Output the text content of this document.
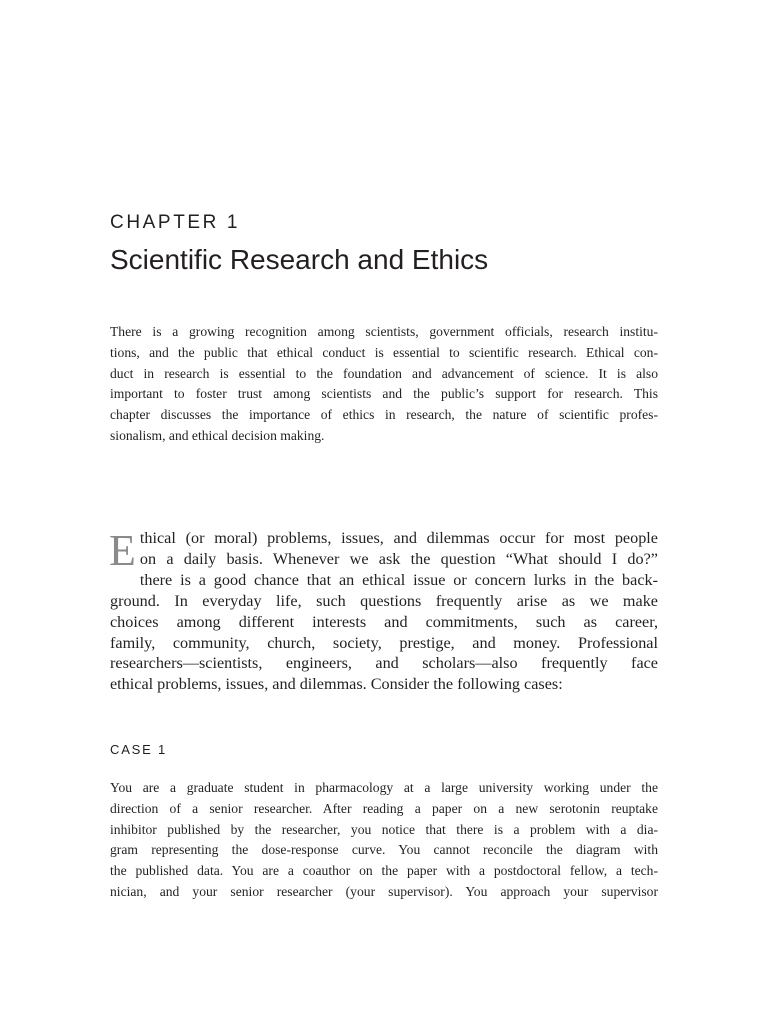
CHAPTER 1
Scientific Research and Ethics
There is a growing recognition among scientists, government officials, research institu-
tions, and the public that ethical conduct is essential to scientific research. Ethical con-
duct in research is essential to the foundation and advancement of science. It is also
important to foster trust among scientists and the public’s support for research. This
chapter discusses the importance of ethics in research, the nature of scientific profes-
sionalism, and ethical decision making.
E thical (or moral) problems, issues, and dilemmas occur for most people
on a daily basis. Whenever we ask the question “What should I do?”
there is a good chance that an ethical issue or concern lurks in the back-
ground. In everyday life, such questions frequently arise as we make
choices among different interests and commitments, such as career,
family, community, church, society, prestige, and money. Professional
researchers—scientists, engineers, and scholars—also frequently face
ethical problems, issues, and dilemmas. Consider the following cases:
CASE 1
You are a graduate student in pharmacology at a large university working under the
direction of a senior researcher. After reading a paper on a new serotonin reuptake
inhibitor published by the researcher, you notice that there is a problem with a dia-
gram representing the dose-response curve. You cannot reconcile the diagram with
the published data. You are a coauthor on the paper with a postdoctoral fellow, a tech-
nician, and your senior researcher (your supervisor). You approach your supervisor
